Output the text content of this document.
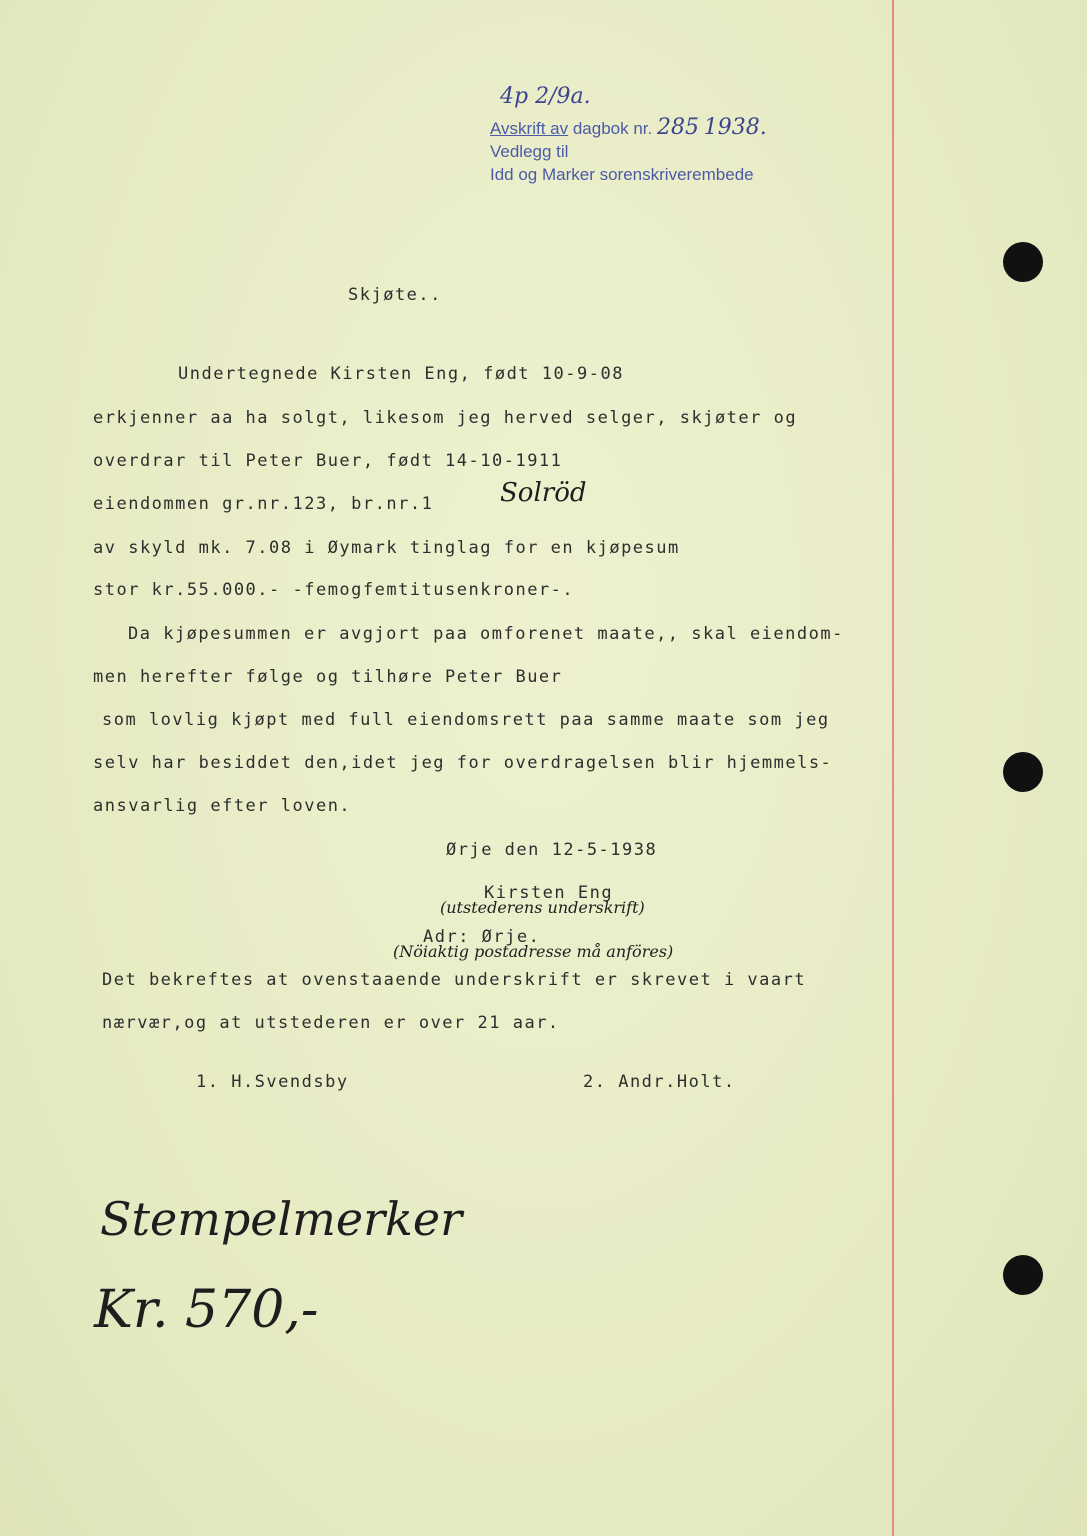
4p 2/9a.
Avskrift av dagbok nr. 285 1938.
Vedlegg til
Idd og Marker sorenskriverembede
Skjøte..
Undertegnede Kirsten Eng, født 10-9-08
erkjenner aa ha solgt, likesom jeg herved selger, skjøter og
overdrar til Peter Buer, født 14-10-1911
eiendommen gr.nr.123, br.nr.1	Solröd
av skyld mk. 7.08 i Øymark tinglag for en kjøpesum
stor kr.55.000.- -femogfemtitusenkroner-.
Da kjøpesummen er avgjort paa omforenet maate,, skal eiendom-
men herefter følge og tilhøre Peter Buer
som lovlig kjøpt med full eiendomsrett paa samme maate som jeg
selv har besiddet den,idet jeg for overdragelsen blir hjemmels-
ansvarlig efter loven.
Ørje den 12-5-1938
Kirsten Eng
(utstederens underskrift)
Adr: Ørje.
(Nöiaktig postadresse må anföres)
Det bekreftes at ovenstaaende underskrift er skrevet i vaart
nærvær,og at utstederen er over 21 aar.
1. H.Svendsby	2. Andr.Holt.
Stempelmerker
Kr. 570,-
